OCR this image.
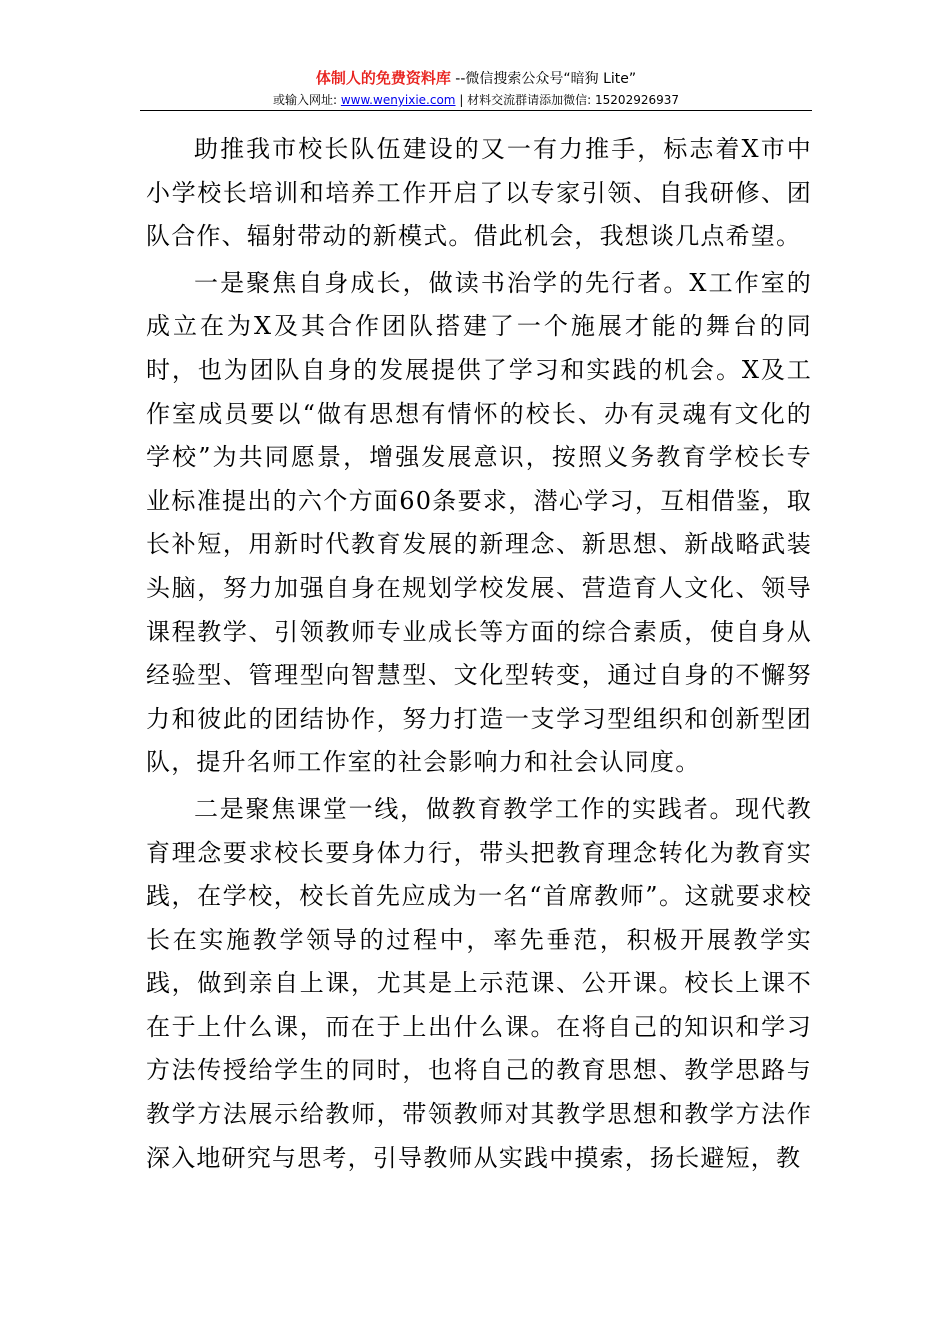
体制人的免费资料库 --微信搜索公众号“暗狗 Lite”
或输入网址: www.wenyixie.com | 材料交流群请添加微信: 15202926937

助推我市校长队伍建设的又一有力推手，标志着X市中小学校长培训和培养工作开启了以专家引领、自我研修、团队合作、辐射带动的新模式。借此机会，我想谈几点希望。

一是聚焦自身成长，做读书治学的先行者。X工作室的成立在为X及其合作团队搭建了一个施展才能的舞台的同时，也为团队自身的发展提供了学习和实践的机会。X及工作室成员要以“做有思想有情怀的校长、办有灵魂有文化的学校”为共同愿景，增强发展意识，按照义务教育学校长专业标准提出的六个方面60条要求，潜心学习，互相借鉴，取长补短，用新时代教育发展的新理念、新思想、新战略武装头脑，努力加强自身在规划学校发展、营造育人文化、领导课程教学、引领教师专业成长等方面的综合素质，使自身从经验型、管理型向智慧型、文化型转变，通过自身的不懈努力和彼此的团结协作，努力打造一支学习型组织和创新型团队，提升名师工作室的社会影响力和社会认同度。

二是聚焦课堂一线，做教育教学工作的实践者。现代教育理念要求校长要身体力行，带头把教育理念转化为教育实践，在学校，校长首先应成为一名“首席教师”。这就要求校长在实施教学领导的过程中，率先垂范，积极开展教学实践，做到亲自上课，尤其是上示范课、公开课。校长上课不在于上什么课，而在于上出什么课。在将自己的知识和学习方法传授给学生的同时，也将自己的教育思想、教学思路与教学方法展示给教师，带领教师对其教学思想和教学方法作深入地研究与思考，引导教师从实践中摸索，扬长避短，教
